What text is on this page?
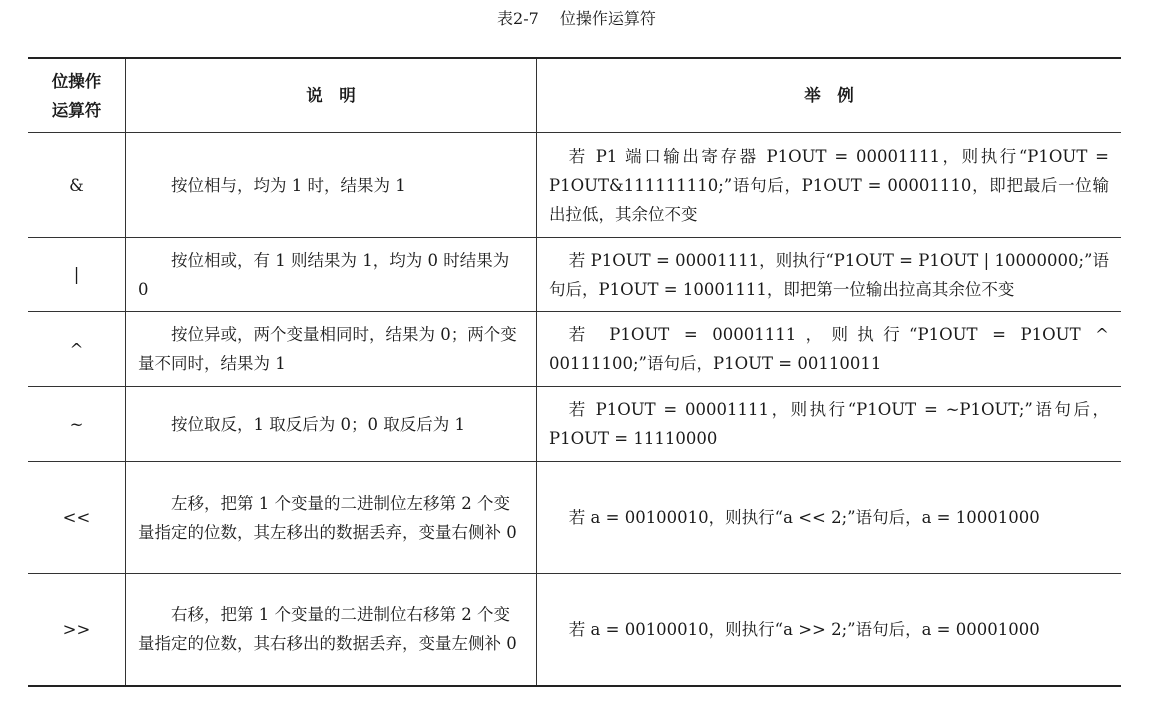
表2-7 位操作运算符
位操作运算符	说　明	举　例
&	按位相与，均为 1 时，结果为 1	若 P1 端口输出寄存器 P1OUT = 00001111，则执行“P1OUT = P1OUT&111111110;”语句后，P1OUT = 00001110，即把最后一位输出拉低，其余位不变
|	按位相或，有 1 则结果为 1，均为 0 时结果为 0	若 P1OUT = 00001111，则执行“P1OUT = P1OUT | 10000000;”语句后，P1OUT = 10001111，即把第一位输出拉高其余位不变
^	按位异或，两个变量相同时，结果为 0；两个变量不同时，结果为 1	若 P1OUT = 00001111，则执行“P1OUT = P1OUT ^ 00111100;”语句后，P1OUT = 00110011
~	按位取反，1 取反后为 0；0 取反后为 1	若 P1OUT = 00001111，则执行“P1OUT = ~P1OUT;”语句后，P1OUT = 11110000
<<	左移，把第 1 个变量的二进制位左移第 2 个变量指定的位数，其左移出的数据丢弃，变量右侧补 0	若 a = 00100010，则执行“a << 2;”语句后，a = 10001000
>>	右移，把第 1 个变量的二进制位右移第 2 个变量指定的位数，其右移出的数据丢弃，变量左侧补 0	若 a = 00100010，则执行“a >> 2;”语句后，a = 00001000
